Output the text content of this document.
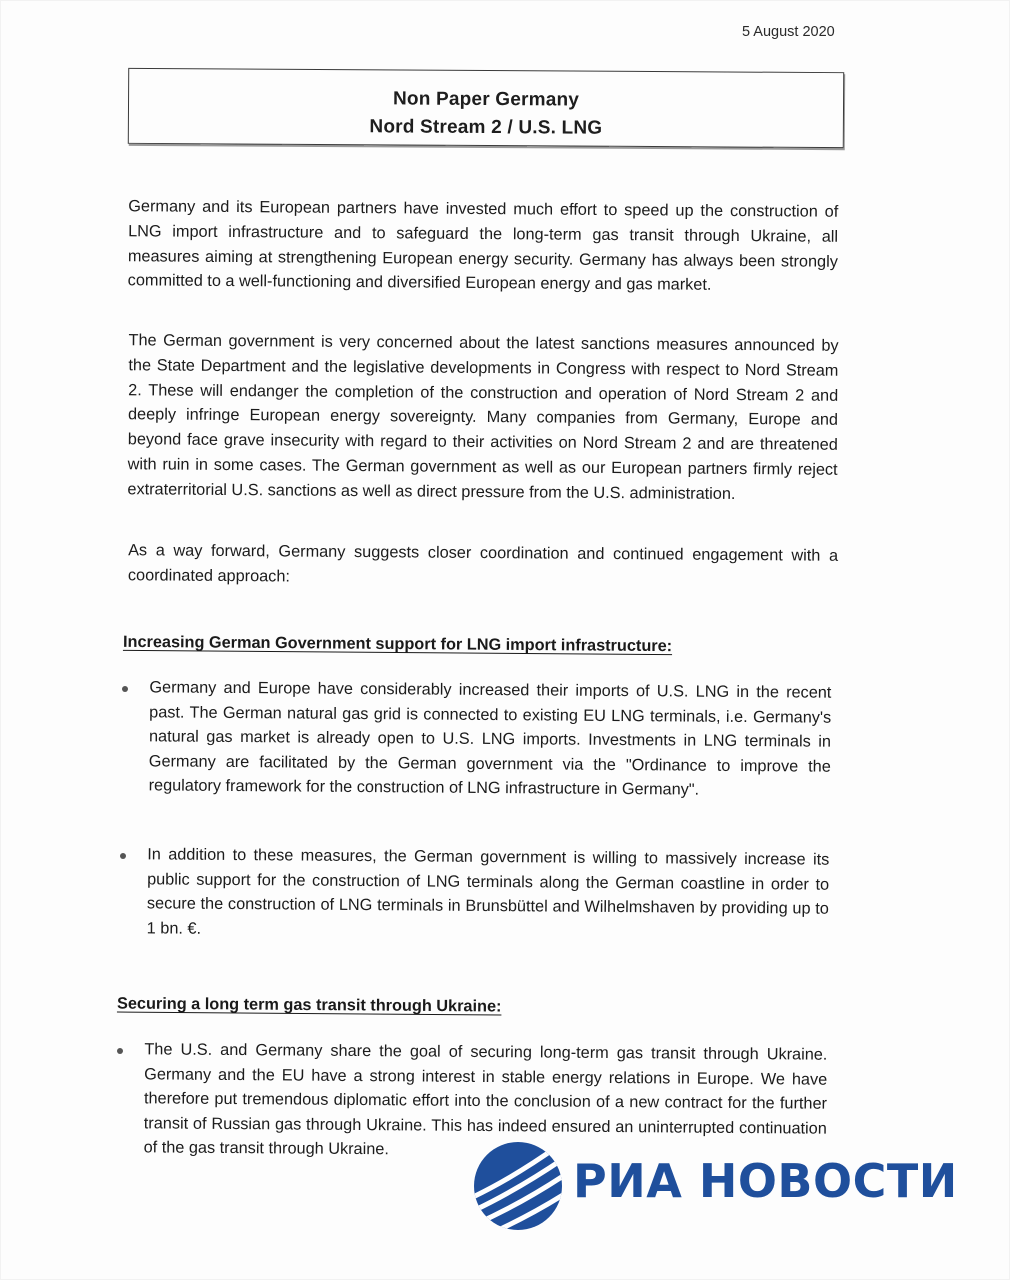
5 August 2020
Non Paper Germany
Nord Stream 2 / U.S. LNG
Germany and its European partners have invested much effort to speed up the construction of LNG import infrastructure and to safeguard the long-term gas transit through Ukraine, all measures aiming at strengthening European energy security. Germany has always been strongly committed to a well-functioning and diversified European energy and gas market.
The German government is very concerned about the latest sanctions measures announced by the State Department and the legislative developments in Congress with respect to Nord Stream 2. These will endanger the completion of the construction and operation of Nord Stream 2 and deeply infringe European energy sovereignty. Many companies from Germany, Europe and beyond face grave insecurity with regard to their activities on Nord Stream 2 and are threatened with ruin in some cases. The German government as well as our European partners firmly reject extraterritorial U.S. sanctions as well as direct pressure from the U.S. administration.
As a way forward, Germany suggests closer coordination and continued engagement with a coordinated approach:
Increasing German Government support for LNG import infrastructure:
Germany and Europe have considerably increased their imports of U.S. LNG in the recent past. The German natural gas grid is connected to existing EU LNG terminals, i.e. Germany's natural gas market is already open to U.S. LNG imports. Investments in LNG terminals in Germany are facilitated by the German government via the "Ordinance to improve the regulatory framework for the construction of LNG infrastructure in Germany".
In addition to these measures, the German government is willing to massively increase its public support for the construction of LNG terminals along the German coastline in order to secure the construction of LNG terminals in Brunsbüttel and Wilhelmshaven by providing up to 1 bn. €.
Securing a long term gas transit through Ukraine:
The U.S. and Germany share the goal of securing long-term gas transit through Ukraine. Germany and the EU have a strong interest in stable energy relations in Europe. We have therefore put tremendous diplomatic effort into the conclusion of a new contract for the further transit of Russian gas through Ukraine. This has indeed ensured an uninterrupted continuation of the gas transit through Ukraine.
РИА НОВОСТИ
